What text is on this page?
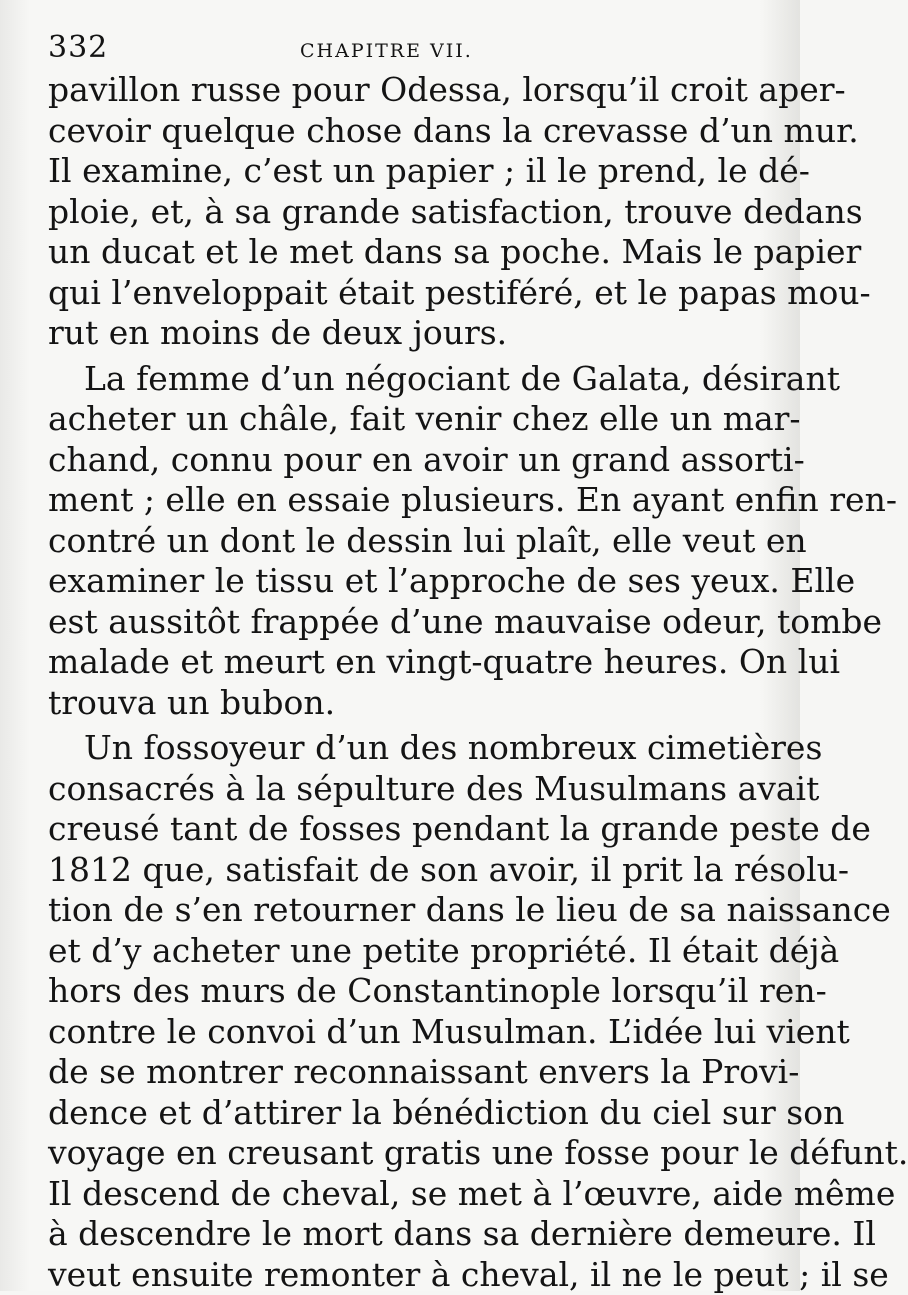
332	CHAPITRE VII.
pavillon russe pour Odessa, lorsqu’il croit aper-
cevoir quelque chose dans la crevasse d’un mur.
Il examine, c’est un papier ; il le prend, le dé-
ploie, et, à sa grande satisfaction, trouve dedans
un ducat et le met dans sa poche. Mais le papier
qui l’enveloppait était pestiféré, et le papas mou-
rut en moins de deux jours.
La femme d’un négociant de Galata, désirant
acheter un châle, fait venir chez elle un mar-
chand, connu pour en avoir un grand assorti-
ment ; elle en essaie plusieurs. En ayant enfin ren-
contré un dont le dessin lui plaît, elle veut en
examiner le tissu et l’approche de ses yeux. Elle
est aussitôt frappée d’une mauvaise odeur, tombe
malade et meurt en vingt-quatre heures. On lui
trouva un bubon.
Un fossoyeur d’un des nombreux cimetières
consacrés à la sépulture des Musulmans avait
creusé tant de fosses pendant la grande peste de
1812 que, satisfait de son avoir, il prit la résolu-
tion de s’en retourner dans le lieu de sa naissance
et d’y acheter une petite propriété. Il était déjà
hors des murs de Constantinople lorsqu’il ren-
contre le convoi d’un Musulman. L’idée lui vient
de se montrer reconnaissant envers la Provi-
dence et d’attirer la bénédiction du ciel sur son
voyage en creusant gratis une fosse pour le défunt.
Il descend de cheval, se met à l’œuvre, aide même
à descendre le mort dans sa dernière demeure. Il
veut ensuite remonter à cheval, il ne le peut ; il se
